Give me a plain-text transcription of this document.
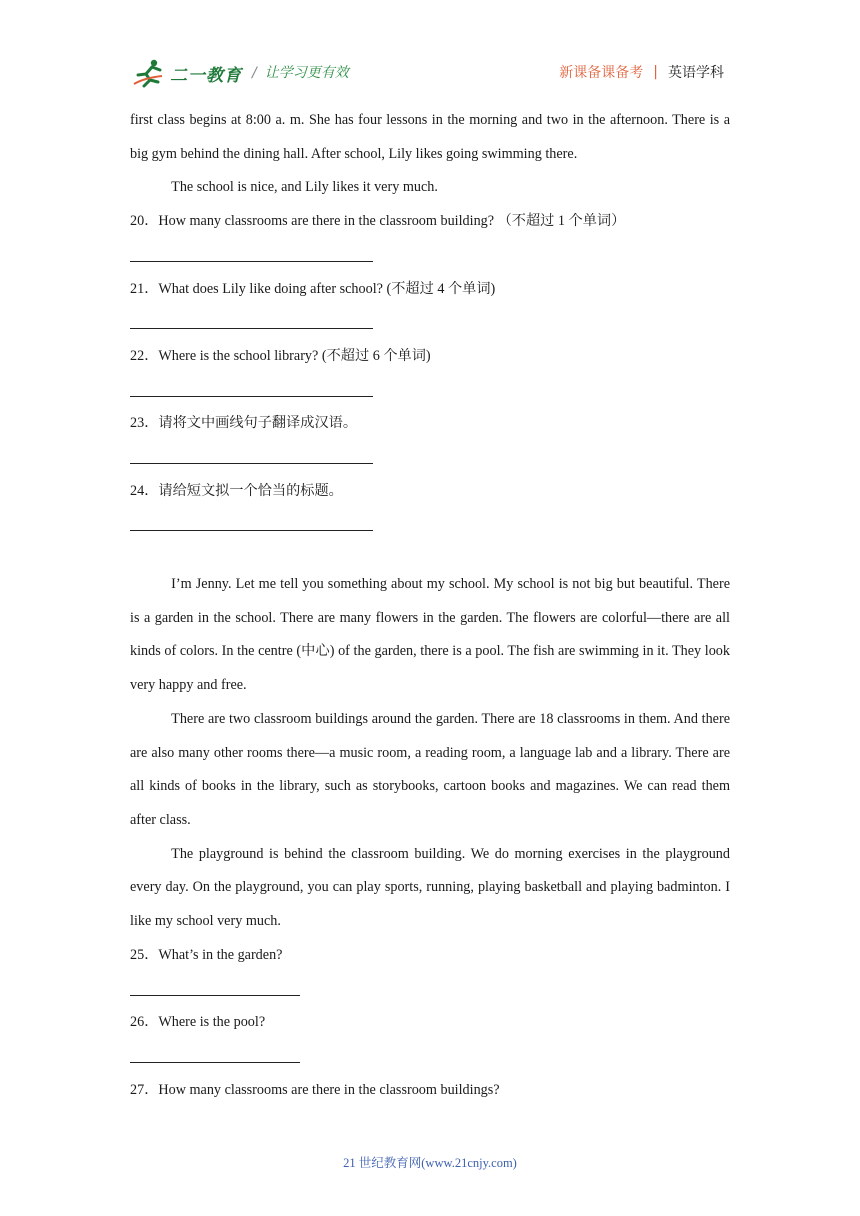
二一教育 / 让学习更有效	新课备课备考 | 英语学科

first class begins at 8:00 a. m. She has four lessons in the morning and two in the afternoon. There is a big gym behind the dining hall. After school, Lily likes going swimming there.

The school is nice, and Lily likes it very much.

20．How many classrooms are there in the classroom building? （不超过 1 个单词）

21．What does Lily like doing after school? (不超过 4 个单词)

22．Where is the school library? (不超过 6 个单词)

23．请将文中画线句子翻译成汉语。

24．请给短文拟一个恰当的标题。

I’m Jenny. Let me tell you something about my school. My school is not big but beautiful. There is a garden in the school. There are many flowers in the garden. The flowers are colorful—there are all kinds of colors. In the centre (中心) of the garden, there is a pool. The fish are swimming in it. They look very happy and free.

There are two classroom buildings around the garden. There are 18 classrooms in them. And there are also many other rooms there—a music room, a reading room, a language lab and a library. There are all kinds of books in the library, such as storybooks, cartoon books and magazines. We can read them after class.

The playground is behind the classroom building. We do morning exercises in the playground every day. On the playground, you can play sports, running, playing basketball and playing badminton. I like my school very much.

25．What’s in the garden?

26．Where is the pool?

27．How many classrooms are there in the classroom buildings?

21 世纪教育网(www.21cnjy.com)
